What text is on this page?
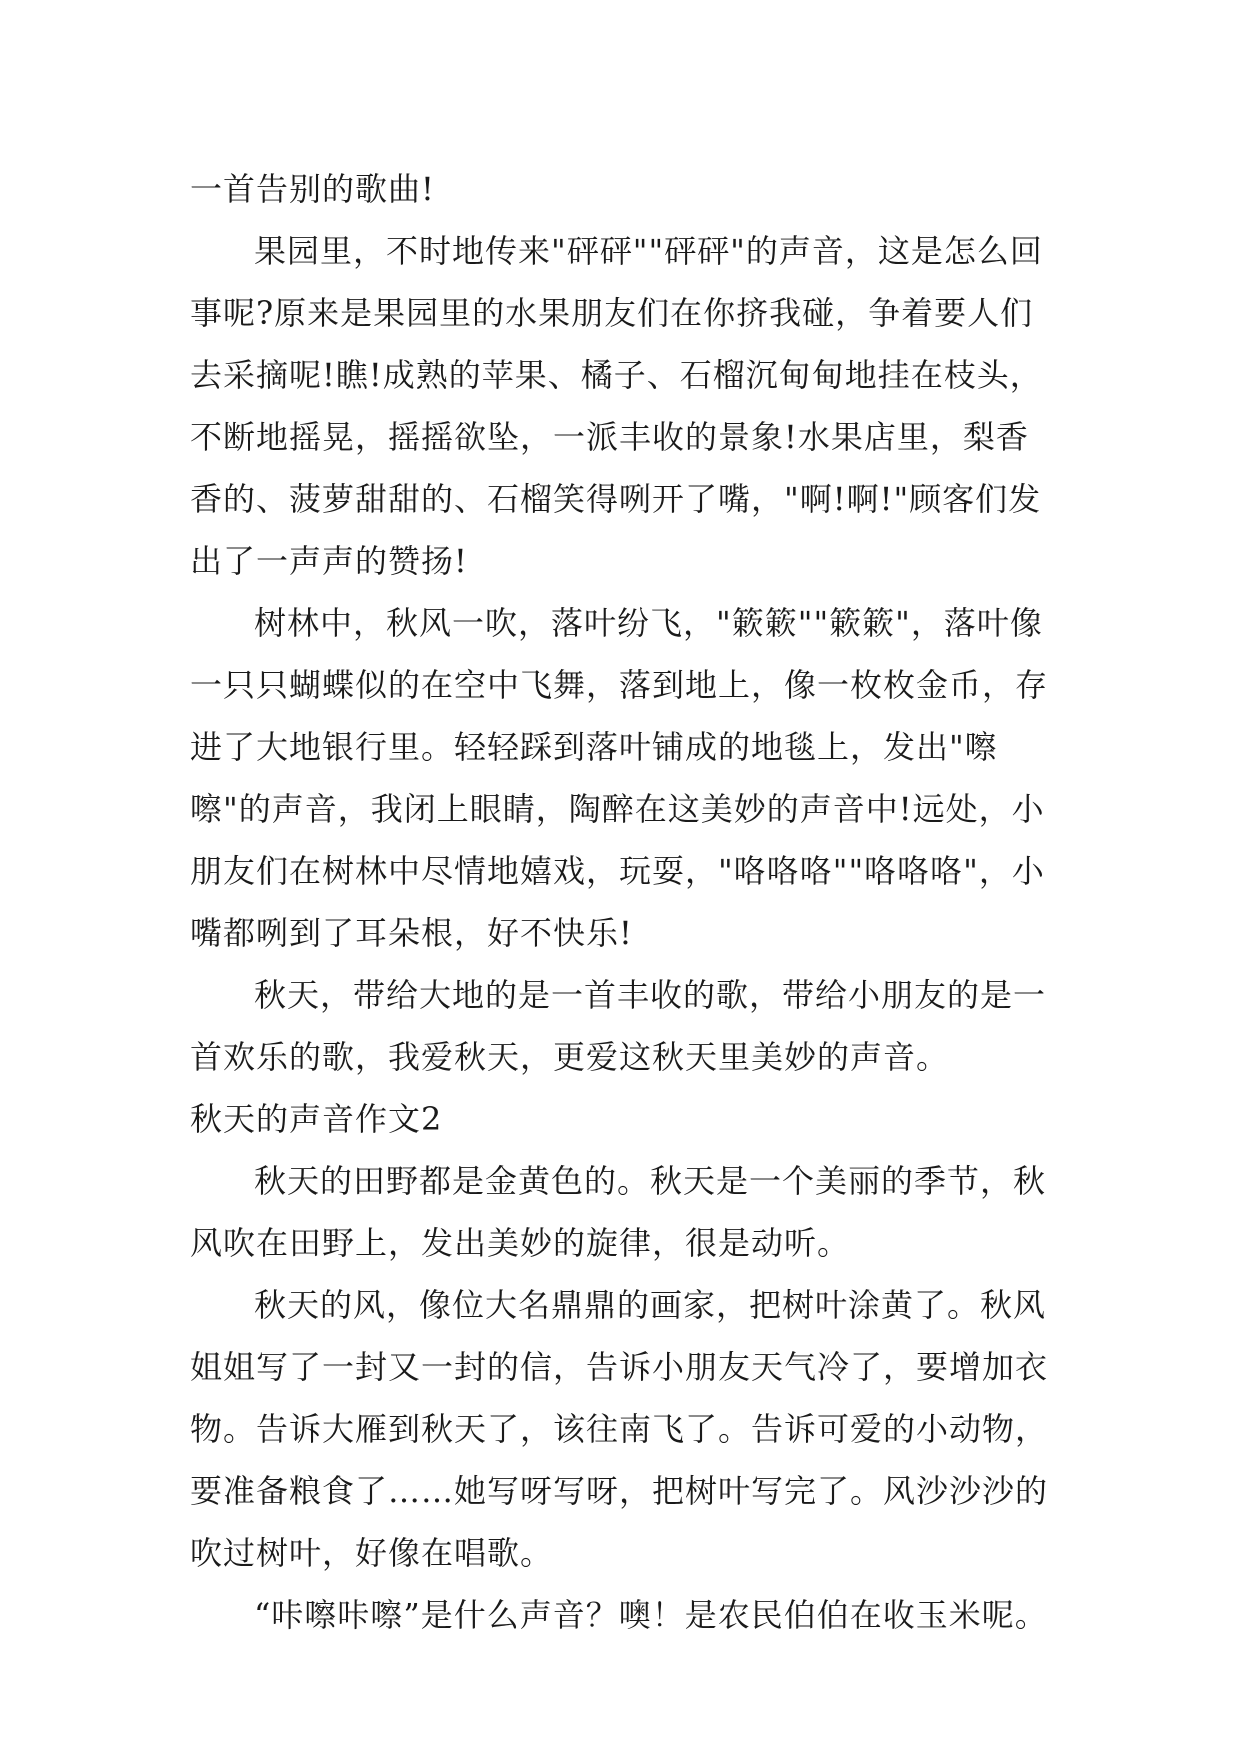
一首告别的歌曲!

果园里，不时地传来"砰砰""砰砰"的声音，这是怎么回事呢?原来是果园里的水果朋友们在你挤我碰，争着要人们去采摘呢!瞧!成熟的苹果、橘子、石榴沉甸甸地挂在枝头，不断地摇晃，摇摇欲坠，一派丰收的景象!水果店里，梨香香的、菠萝甜甜的、石榴笑得咧开了嘴，"啊!啊!"顾客们发出了一声声的赞扬!

树林中，秋风一吹，落叶纷飞，"簌簌""簌簌"，落叶像一只只蝴蝶似的在空中飞舞，落到地上，像一枚枚金币，存进了大地银行里。轻轻踩到落叶铺成的地毯上，发出"嚓嚓"的声音，我闭上眼睛，陶醉在这美妙的声音中!远处，小朋友们在树林中尽情地嬉戏，玩耍，"咯咯咯""咯咯咯"，小嘴都咧到了耳朵根，好不快乐!

秋天，带给大地的是一首丰收的歌，带给小朋友的是一首欢乐的歌，我爱秋天，更爱这秋天里美妙的声音。

秋天的声音作文2

秋天的田野都是金黄色的。秋天是一个美丽的季节，秋风吹在田野上，发出美妙的旋律，很是动听。

秋天的风，像位大名鼎鼎的画家，把树叶涂黄了。秋风姐姐写了一封又一封的信，告诉小朋友天气冷了，要增加衣物。告诉大雁到秋天了，该往南飞了。告诉可爱的小动物，要准备粮食了……她写呀写呀，把树叶写完了。风沙沙沙的吹过树叶，好像在唱歌。

“咔嚓咔嚓”是什么声音？噢！是农民伯伯在收玉米呢。
